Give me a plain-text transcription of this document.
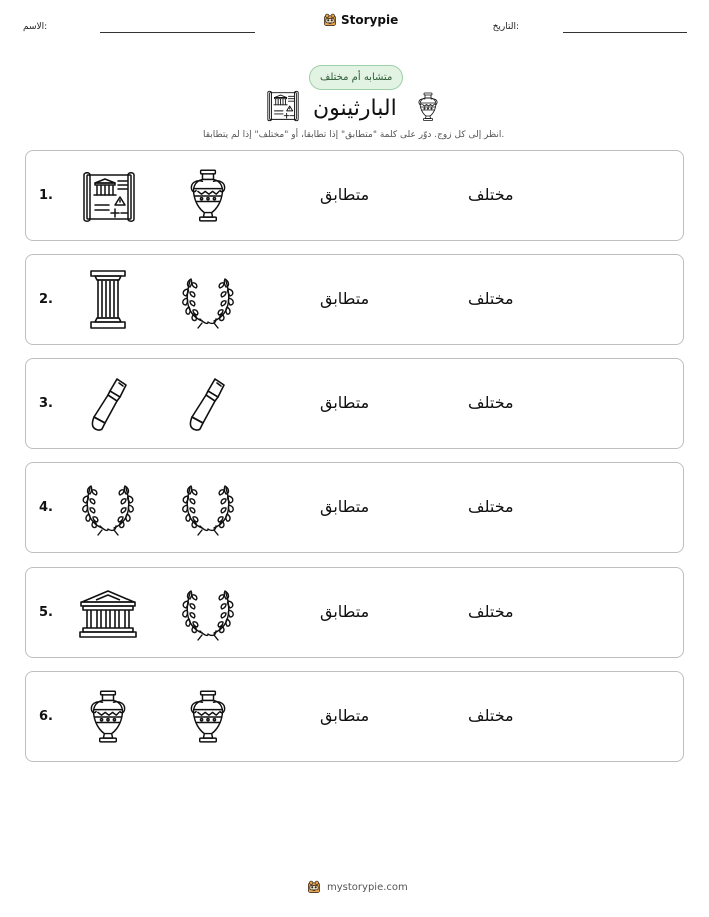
التاريخ:
Storypie
الاسم:
متشابه أم مختلف
البارثينون
انظر إلى كل زوج. دوّر على كلمة "متطابق" إذا تطابقا، أو "مختلف" إذا لم يتطابقا.
1.	متطابق	مختلف
2.	متطابق	مختلف
3.	متطابق	مختلف
4.	متطابق	مختلف
5.	متطابق	مختلف
6.	متطابق	مختلف
mystorypie.com
